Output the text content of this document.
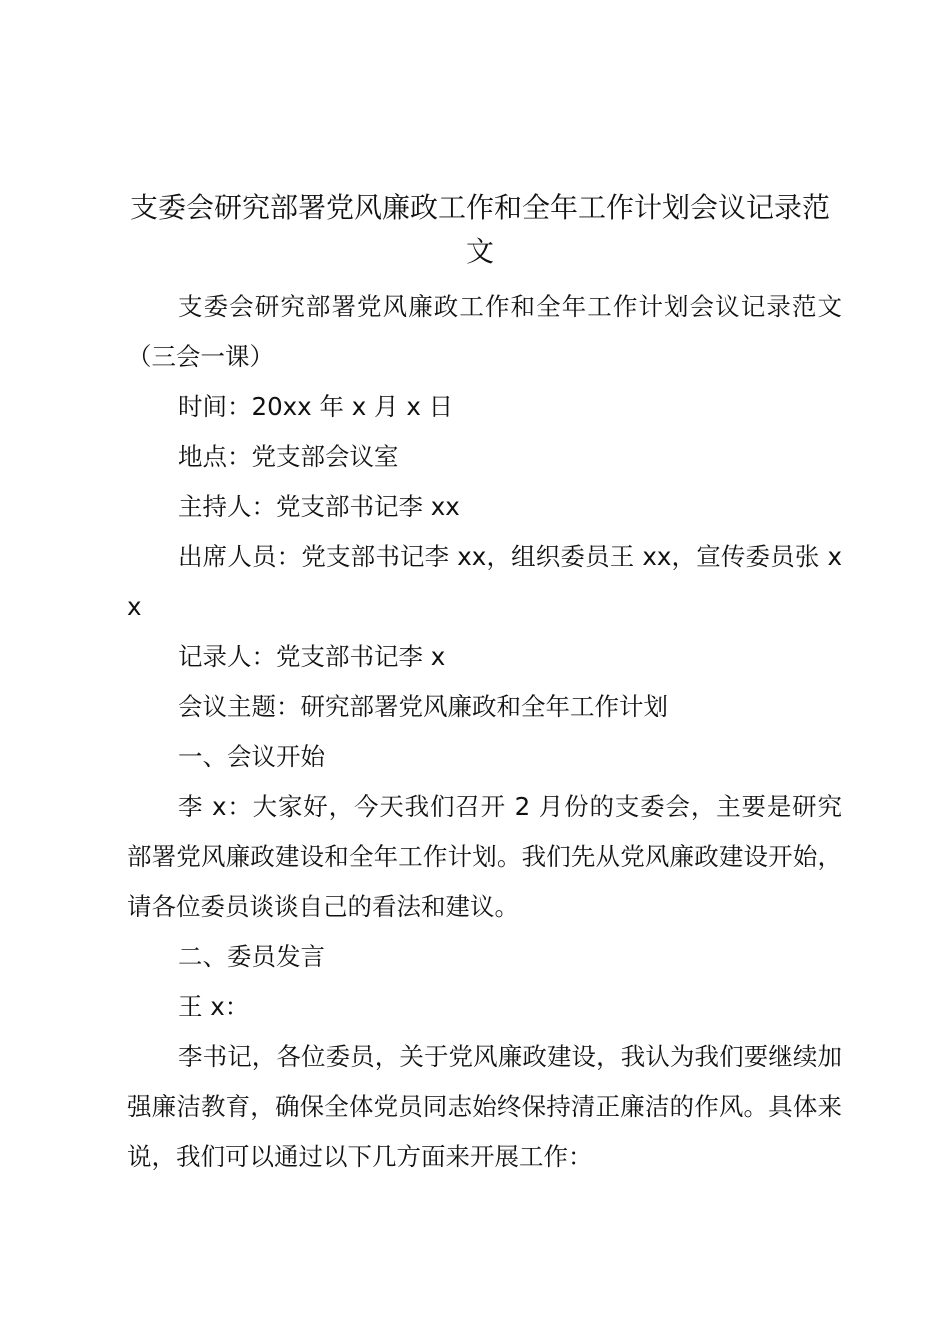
支委会研究部署党风廉政工作和全年工作计划会议记录范文

支委会研究部署党风廉政工作和全年工作计划会议记录范文（三会一课）

时间：20xx 年 x 月 x 日

地点：党支部会议室

主持人：党支部书记李 xx

出席人员：党支部书记李 xx，组织委员王 xx，宣传委员张 xx

记录人：党支部书记李 x

会议主题：研究部署党风廉政和全年工作计划

一、会议开始

李 x：大家好，今天我们召开 2 月份的支委会，主要是研究部署党风廉政建设和全年工作计划。我们先从党风廉政建设开始，请各位委员谈谈自己的看法和建议。

二、委员发言

王 x：

李书记，各位委员，关于党风廉政建设，我认为我们要继续加强廉洁教育，确保全体党员同志始终保持清正廉洁的作风。具体来说，我们可以通过以下几方面来开展工作：
